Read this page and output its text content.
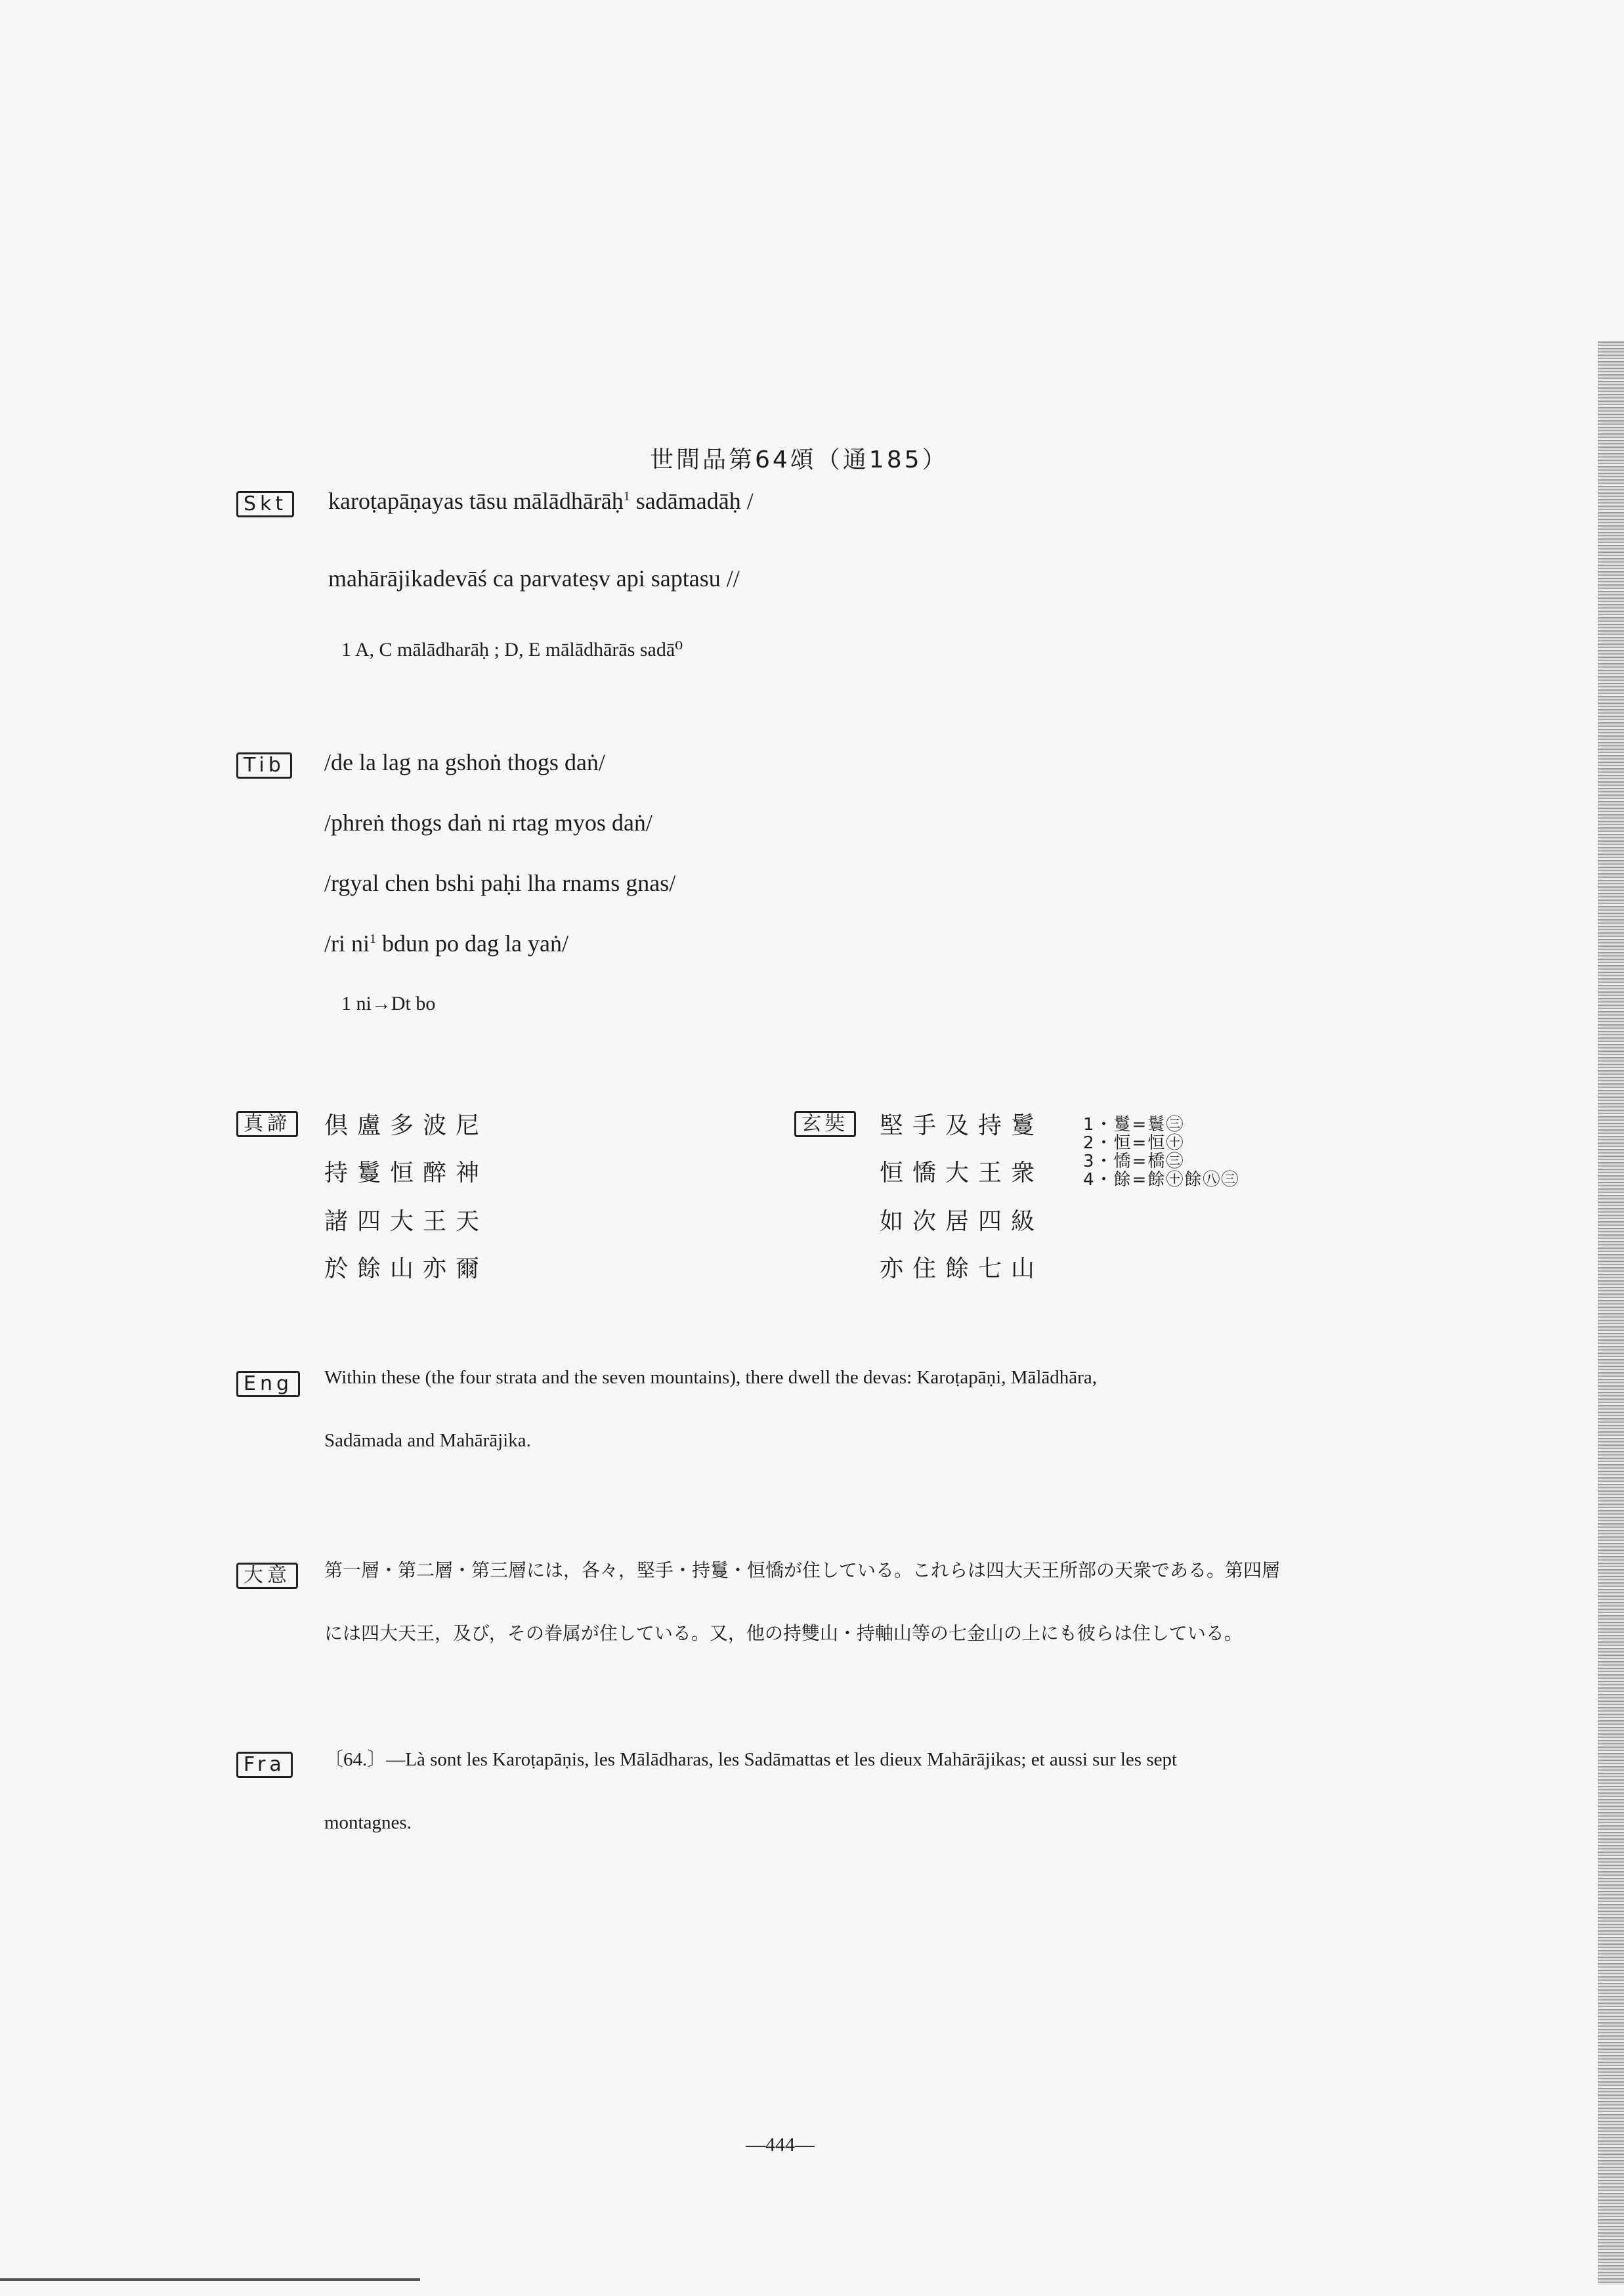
世間品第64頌（通185）
Skt	karoṭapāṇayas tāsu mālādhārāḥ$^1$ sadāmadāḥ /
mahārājikadevāś ca parvateṣv api saptasu //
1 A, C mālādharāḥ ; D, E mālādhārās sadā⁰
Tib	/de la lag na gshoṅ thogs daṅ/
/phreṅ thogs daṅ ni rtag myos daṅ/
/rgyal chen bshi paḥi lha rnams gnas/
/ri $ni^1$ bdun po dag la yaṅ/
1 ni→Dt bo
真諦	倶盧多波尼
持鬘恒醉神
諸四大王天
於餘山亦爾
玄奘	堅手及持鬘
恒憍大王衆
如次居四級
亦住餘七山
1・鬘=鬟㊂
2・恒=恒㊉
3・憍=橋㊂
4・餘=餘㊉餘㊇㊂
Eng	Within these (the four strata and the seven mountains), there dwell the devas: Karoṭapāṇi, Mālādhāra,
Sadāmada and Mahārājika.
大意	第一層・第二層・第三層には，各々，堅手・持鬘・恒憍が住している。これらは四大天王所部の天衆である。第四層
には四大天王，及び，その眷属が住している。又，他の持雙山・持軸山等の七金山の上にも彼らは住している。
Fra	〔64.〕—Là sont les Karoṭapāṇis, les Mālādharas, les Sadāmattas et les dieux Mahārājikas; et aussi sur les sept
montagnes.
—444—
